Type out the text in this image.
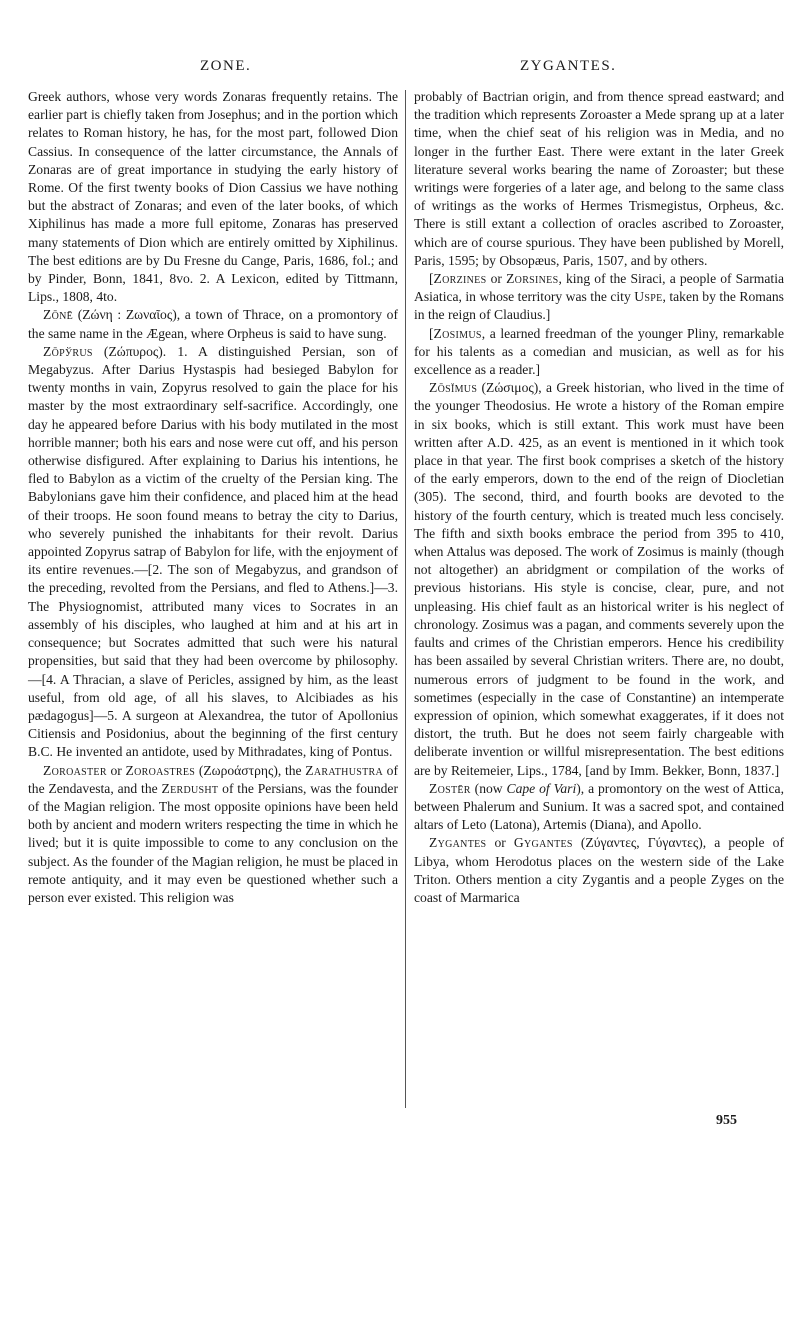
ZONE.	ZYGANTES.

Greek authors, whose very words Zonaras frequently retains. The earlier part is chiefly taken from Josephus; and in the portion which relates to Roman history, he has, for the most part, followed Dion Cassius. In consequence of the latter circumstance, the Annals of Zonaras are of great importance in studying the early history of Rome. Of the first twenty books of Dion Cassius we have nothing but the abstract of Zonaras; and even of the later books, of which Xiphilinus has made a more full epitome, Zonaras has preserved many statements of Dion which are entirely omitted by Xiphilinus. The best editions are by Du Fresne du Cange, Paris, 1686, fol.; and by Pinder, Bonn, 1841, 8vo. 2. A Lexicon, edited by Tittmann, Lips., 1808, 4to.

Zōnē (Ζώνη : Ζωναῖος), a town of Thrace, on a promontory of the same name in the Ægean, where Orpheus is said to have sung.

Zōpўrus (Ζώπυρος). 1. A distinguished Persian, son of Megabyzus. After Darius Hystaspis had besieged Babylon for twenty months in vain, Zopyrus resolved to gain the place for his master by the most extraordinary self-sacrifice. Accordingly, one day he appeared before Darius with his body mutilated in the most horrible manner; both his ears and nose were cut off, and his person otherwise disfigured. After explaining to Darius his intentions, he fled to Babylon as a victim of the cruelty of the Persian king. The Babylonians gave him their confidence, and placed him at the head of their troops. He soon found means to betray the city to Darius, who severely punished the inhabitants for their revolt. Darius appointed Zopyrus satrap of Babylon for life, with the enjoyment of its entire revenues.—[2. The son of Megabyzus, and grandson of the preceding, revolted from the Persians, and fled to Athens.]—3. The Physiognomist, attributed many vices to Socrates in an assembly of his disciples, who laughed at him and at his art in consequence; but Socrates admitted that such were his natural propensities, but said that they had been overcome by philosophy.—[4. A Thracian, a slave of Pericles, assigned by him, as the least useful, from old age, of all his slaves, to Alcibiades as his pædagogus]—5. A surgeon at Alexandrea, the tutor of Apollonius Citiensis and Posidonius, about the beginning of the first century B.C. He invented an antidote, used by Mithradates, king of Pontus.

Zoroaster or Zoroastres (Ζωροάστρης), the Zarathustra of the Zendavesta, and the Zerdusht of the Persians, was the founder of the Magian religion. The most opposite opinions have been held both by ancient and modern writers respecting the time in which he lived; but it is quite impossible to come to any conclusion on the subject. As the founder of the Magian religion, he must be placed in remote antiquity, and it may even be questioned whether such a person ever existed. This religion was

probably of Bactrian origin, and from thence spread eastward; and the tradition which represents Zoroaster a Mede sprang up at a later time, when the chief seat of his religion was in Media, and no longer in the further East. There were extant in the later Greek literature several works bearing the name of Zoroaster; but these writings were forgeries of a later age, and belong to the same class of writings as the works of Hermes Trismegistus, Orpheus, &c. There is still extant a collection of oracles ascribed to Zoroaster, which are of course spurious. They have been published by Morell, Paris, 1595; by Obsopæus, Paris, 1507, and by others.

[Zorzines or Zorsines, king of the Siraci, a people of Sarmatia Asiatica, in whose territory was the city Uspe, taken by the Romans in the reign of Claudius.]

[Zosimus, a learned freedman of the younger Pliny, remarkable for his talents as a comedian and musician, as well as for his excellence as a reader.]

Zōsĭmus (Ζώσιμος), a Greek historian, who lived in the time of the younger Theodosius. He wrote a history of the Roman empire in six books, which is still extant. This work must have been written after A.D. 425, as an event is mentioned in it which took place in that year. The first book comprises a sketch of the history of the early emperors, down to the end of the reign of Diocletian (305). The second, third, and fourth books are devoted to the history of the fourth century, which is treated much less concisely. The fifth and sixth books embrace the period from 395 to 410, when Attalus was deposed. The work of Zosimus is mainly (though not altogether) an abridgment or compilation of the works of previous historians. His style is concise, clear, pure, and not unpleasing. His chief fault as an historical writer is his neglect of chronology. Zosimus was a pagan, and comments severely upon the faults and crimes of the Christian emperors. Hence his credibility has been assailed by several Christian writers. There are, no doubt, numerous errors of judgment to be found in the work, and sometimes (especially in the case of Constantine) an intemperate expression of opinion, which somewhat exaggerates, if it does not distort, the truth. But he does not seem fairly chargeable with deliberate invention or willful misrepresentation. The best editions are by Reitemeier, Lips., 1784, [and by Imm. Bekker, Bonn, 1837.]

Zostēr (now Cape of Vari), a promontory on the west of Attica, between Phalerum and Sunium. It was a sacred spot, and contained altars of Leto (Latona), Artemis (Diana), and Apollo.

Zygantes or Gygantes (Ζύγαντες, Γύγαντες), a people of Libya, whom Herodotus places on the western side of the Lake Triton. Others mention a city Zygantis and a people Zyges on the coast of Marmarica

955
